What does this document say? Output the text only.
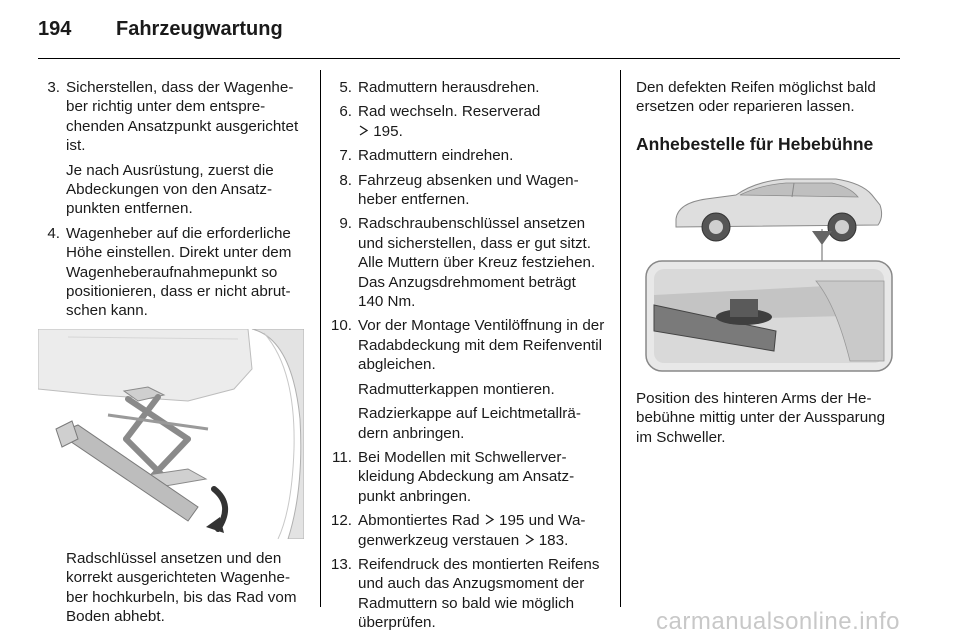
194	Fahrzeugwartung
3. Sicherstellen, dass der Wagenheber richtig unter dem entsprechenden Ansatzpunkt ausgerichtet ist.
Je nach Ausrüstung, zuerst die Abdeckungen von den Ansatzpunkten entfernen.
4. Wagenheber auf die erforderliche Höhe einstellen. Direkt unter dem Wagenheberaufnahmepunkt so positionieren, dass er nicht abrutschen kann.
Radschlüssel ansetzen und den korrekt ausgerichteten Wagenheber hochkurbeln, bis das Rad vom Boden abhebt.
5. Radmuttern herausdrehen.
6. Rad wechseln. Reserverad
195.
7. Radmuttern eindrehen.
8. Fahrzeug absenken und Wagenheber entfernen.
9. Radschraubenschlüssel ansetzen und sicherstellen, dass er gut sitzt. Alle Muttern über Kreuz festziehen. Das Anzugsdrehmoment beträgt 140 Nm.
10. Vor der Montage Ventilöffnung in der Radabdeckung mit dem Reifenventil abgleichen.
Radmutterkappen montieren.
Radzierkappe auf Leichtmetallrädern anbringen.
11. Bei Modellen mit Schwellerverkleidung Abdeckung am Ansatzpunkt anbringen.
12. Abmontiertes Rad 195 und Wagenwerkzeug verstauen 183.
13. Reifendruck des montierten Reifens und auch das Anzugsmoment der Radmuttern so bald wie möglich überprüfen.

Den defekten Reifen möglichst bald ersetzen oder reparieren lassen.

Anhebestelle für Hebebühne

Position des hinteren Arms der Hebebühne mittig unter der Aussparung im Schweller.

carmanualsonline.info
